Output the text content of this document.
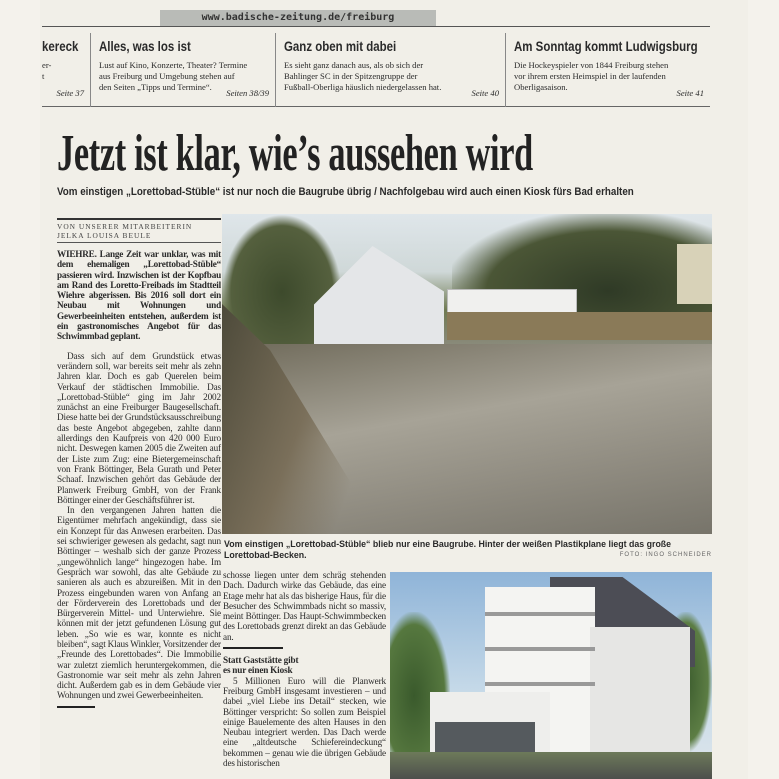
www.badische-zeitung.de/freiburg
kereck

er-
t

Seite 37
Alles, was los ist

Lust auf Kino, Konzerte, Theater? Termine aus Freiburg und Umgebung stehen auf den Seiten „Tipps und Termine“.

Seiten 38/39
Ganz oben mit dabei

Es sieht ganz danach aus, als ob sich der Bahlinger SC in der Spitzengruppe der Fußball-Oberliga häuslich niedergelassen hat.

Seite 40
Am Sonntag kommt Ludwigsburg

Die Hockeyspieler von 1844 Freiburg stehen vor ihrem ersten Heimspiel in der laufenden Oberligasaison.

Seite 41
Jetzt ist klar, wie’s aussehen wird
Vom einstigen „Lorettobad-Stüble“ ist nur noch die Baugrube übrig / Nachfolgebau wird auch einen Kiosk fürs Bad erhalten
VON UNSERER MITARBEITERIN
JELKA LOUISA BEULE

WIEHRE. Lange Zeit war unklar, was mit dem ehemaligen „Lorettobad-Stüble“ passieren wird. Inzwischen ist der Kopfbau am Rand des Loretto-Freibads im Stadtteil Wiehre abgerissen. Bis 2016 soll dort ein Neubau mit Wohnungen und Gewerbeeinheiten entstehen, außerdem ist ein gastronomisches Angebot für das Schwimmbad geplant.

Dass sich auf dem Grundstück etwas verändern soll, war bereits seit mehr als zehn Jahren klar. Doch es gab Querelen beim Verkauf der städtischen Immobilie. Das „Lorettobad-Stüble“ ging im Jahr 2002 zunächst an eine Freiburger Baugesellschaft. Diese hatte bei der Grundstücksausschreibung das beste Angebot abgegeben, zahlte dann allerdings den Kaufpreis von 420 000 Euro nicht. Deswegen kamen 2005 die Zweiten auf der Liste zum Zug: eine Bietergemeinschaft von Frank Böttinger, Bela Gurath und Peter Schaaf. Inzwischen gehört das Gebäude der Planwerk Freiburg GmbH, von der Frank Böttinger einer der Geschäftsführer ist.

In den vergangenen Jahren hatten die Eigentümer mehrfach angekündigt, dass sie ein Konzept für das Anwesen erarbeiten. Das sei schwieriger gewesen als gedacht, sagt nun Böttinger – weshalb sich der ganze Prozess „ungewöhnlich lange“ hingezogen habe. Im Gespräch war sowohl, das alte Gebäude zu sanieren als auch es abzureißen. Mit in den Prozess eingebunden waren von Anfang an der Förderverein des Lorettobads und der Bürgerverein Mittel- und Unterwiehre. Sie können mit der jetzt gefundenen Lösung gut leben. „So wie es war, konnte es nicht bleiben“, sagt Klaus Winkler, Vorsitzender der „Freunde des Lorettobades“. Die Immobilie war zuletzt ziemlich heruntergekommen, die Gastronomie war seit mehr als zehn Jahren dicht. Außerdem gab es in dem Gebäude vier Wohnungen und zwei Gewerbeeinheiten.

Vom einstigen „Lorettobad-Stüble“ blieb nur eine Baugrube. Hinter der weißen Plastikplane liegt das große Lorettobad-Becken.	FOTO: INGO SCHNEIDER

schosse liegen unter dem schräg stehenden Dach. Dadurch wirke das Gebäude, das eine Etage mehr hat als das bisherige Haus, für die Besucher des Schwimmbads nicht so massiv, meint Böttinger. Das Haupt-Schwimmbecken des Lorettobads grenzt direkt an das Gebäude an.

Statt Gaststätte gibt
es nur einen Kiosk

5 Millionen Euro will die Planwerk Freiburg GmbH insgesamt investieren – und dabei „viel Liebe ins Detail“ stecken, wie Böttinger verspricht: So sollen zum Beispiel einige Bauelemente des alten Hauses in den Neubau integriert werden. Das Dach werde eine „altdeutsche Schiefereindeckung“ bekommen – genau wie die übrigen Gebäude des historischen
